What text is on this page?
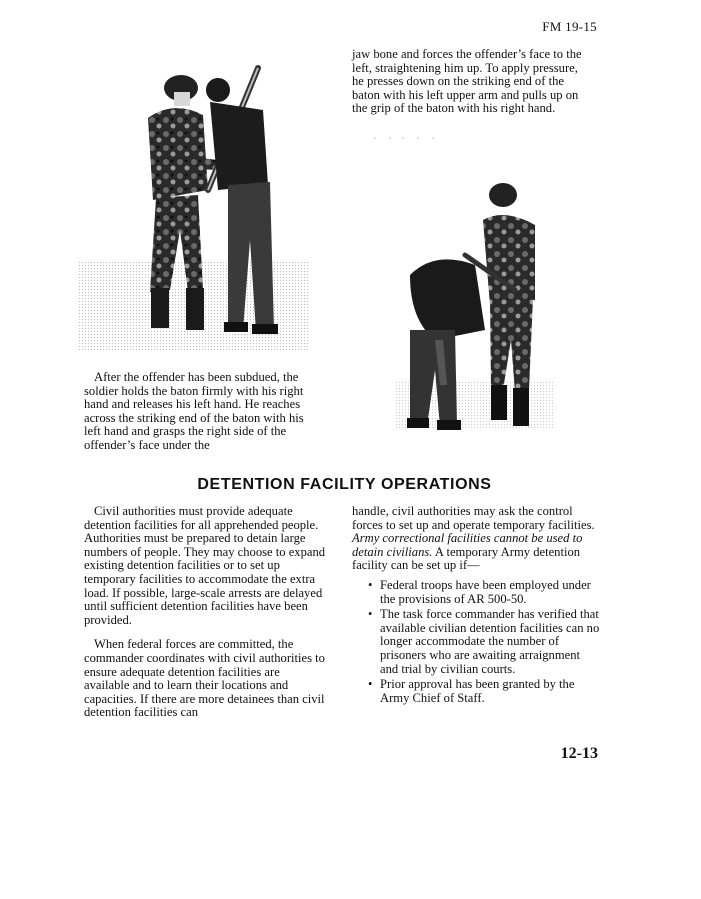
FM 19-15
jaw bone and forces the offender’s face to the left, straightening him up. To apply pressure, he presses down on the striking end of the baton with his left upper arm and pulls up on the grip of the baton with his right hand.
After the offender has been subdued, the soldier holds the baton firmly with his right hand and releases his left hand. He reaches across the striking end of the baton with his left hand and grasps the right side of the offender’s face under the
DETENTION FACILITY OPERATIONS

Civil authorities must provide adequate detention facilities for all apprehended people. Authorities must be prepared to detain large numbers of people. They may choose to expand existing detention facilities or to set up temporary facilities to accommodate the extra load. If possible, large-scale arrests are delayed until sufficient detention facilities have been provided.

When federal forces are committed, the commander coordinates with civil authorities to ensure adequate detention facilities are available and to learn their locations and capacities. If there are more detainees than civil detention facilities can

handle, civil authorities may ask the control forces to set up and operate temporary facilities. Army correctional facilities cannot be used to detain civilians. A temporary Army detention facility can be set up if—

• Federal troops have been employed under the provisions of AR 500-50.
• The task force commander has verified that available civilian detention facilities can no longer accommodate the number of prisoners who are awaiting arraignment and trial by civilian courts.
• Prior approval has been granted by the Army Chief of Staff.
12-13
